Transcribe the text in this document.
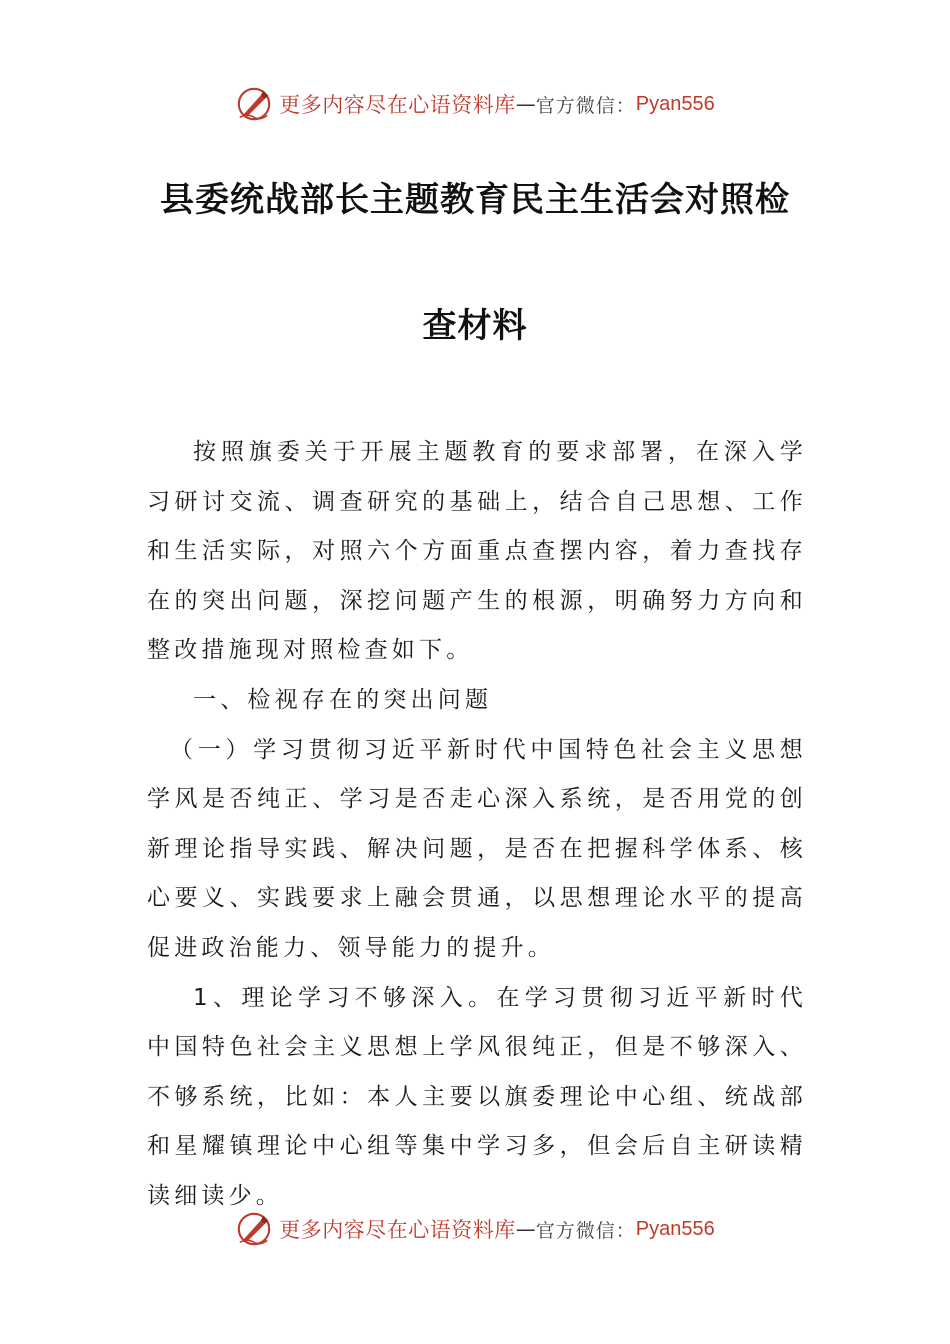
更多内容尽在心语资料库 — 官方微信： Pyan556
县委统战部长主题教育民主生活会对照检
查材料

按照旗委关于开展主题教育的要求部署，在深入学习研讨交流、调查研究的基础上，结合自己思想、工作和生活实际，对照六个方面重点查摆内容，着力查找存在的突出问题，深挖问题产生的根源，明确努力方向和整改措施现对照检查如下。

一、检视存在的突出问题

（一）学习贯彻习近平新时代中国特色社会主义思想学风是否纯正、学习是否走心深入系统，是否用党的创新理论指导实践、解决问题，是否在把握科学体系、核心要义、实践要求上融会贯通，以思想理论水平的提高促进政治能力、领导能力的提升。

1、理论学习不够深入。在学习贯彻习近平新时代中国特色社会主义思想上学风很纯正，但是不够深入、不够系统，比如：本人主要以旗委理论中心组、统战部和星耀镇理论中心组等集中学习多，但会后自主研读精读细读少。

更多内容尽在心语资料库 — 官方微信： Pyan556
